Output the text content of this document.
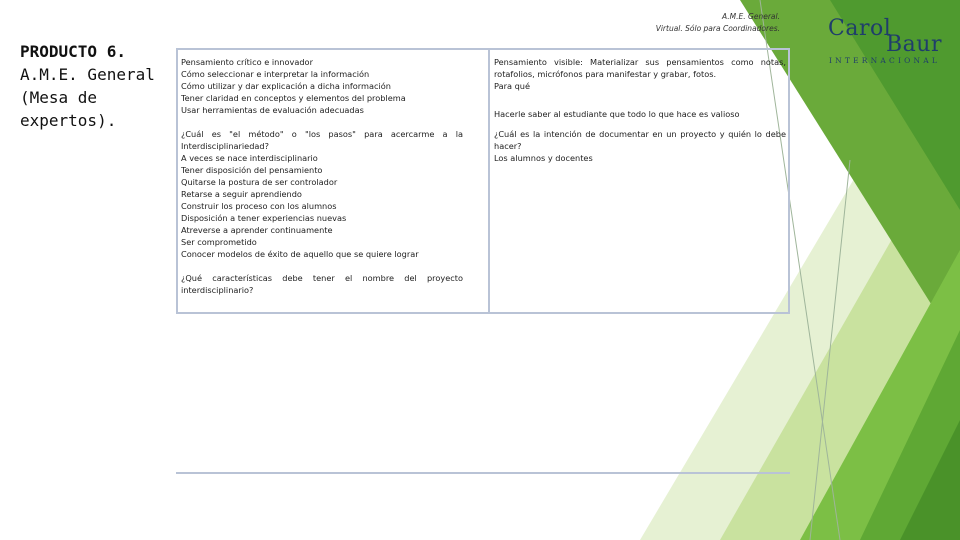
PRODUCTO 6.
A.M.E. General (Mesa de expertos).
A.M.E. General.
Virtual. Sólo para Coordinadores. Carol
Baur
INTERNACIONAL
Pensamiento crítico e innovador
Cómo seleccionar e interpretar la información
Cómo utilizar y dar explicación a dicha información
Tener claridad en conceptos y elementos del problema
Usar herramientas de evaluación adecuadas

¿Cuál es "el método" o "los pasos" para acercarme a la Interdisciplinariedad?

A veces se nace interdisciplinario
Tener disposición del pensamiento
Quitarse la postura de ser controlador
Retarse a seguir aprendiendo
Construir los proceso con los alumnos
Disposición a tener experiencias nuevas
Atreverse a aprender continuamente
Ser comprometido
Conocer modelos de éxito de aquello que se quiere lograr

¿Qué características debe tener el nombre del proyecto interdisciplinario?

Pensamiento visible: Materializar sus pensamientos como notas, rotafolios, micrófonos para manifestar y grabar, fotos.

Para qué

Hacerle saber al estudiante que todo lo que hace es valioso

¿Cuál es la intención de documentar en un proyecto y quién lo debe hacer?

Los alumnos y docentes
